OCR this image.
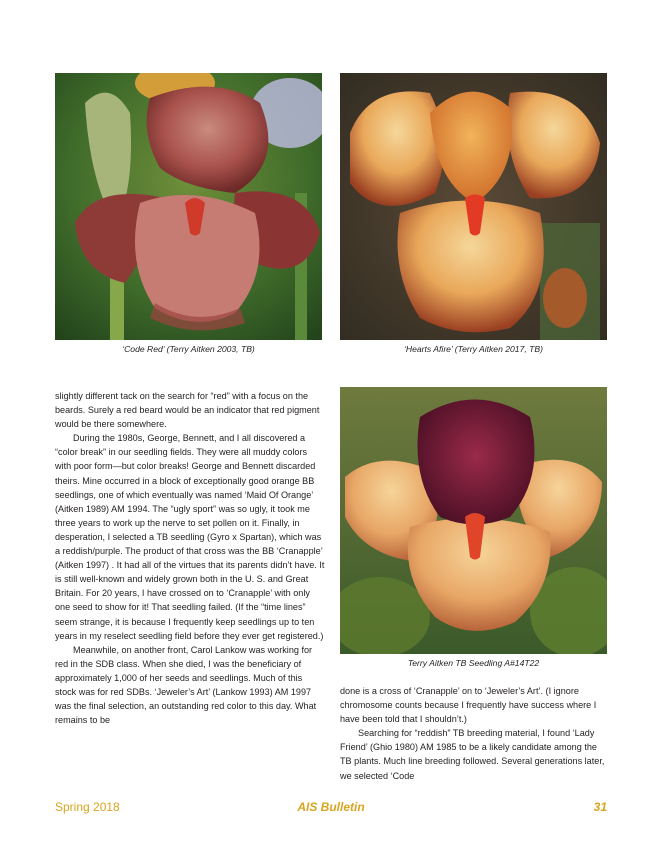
‘Code Red’ (Terry Aitken 2003, TB)	‘Hearts Afire’ (Terry Aitken 2017, TB)
Terry Aitken TB Seedling A#14T22

slightly different tack on the search for “red” with a focus on the beards. Surely a red beard would be an indicator that red pigment would be there somewhere.

During the 1980s, George, Bennett, and I all discovered a “color break” in our seedling fields. They were all muddy colors with poor form—but color breaks! George and Bennett discarded theirs. Mine occurred in a block of exceptionally good orange BB seedlings, one of which eventually was named ‘Maid Of Orange’ (Aitken 1989) AM 1994. The “ugly sport” was so ugly, it took me three years to work up the nerve to set pollen on it. Finally, in desperation, I selected a TB seedling (Gyro x Spartan), which was a reddish/purple. The product of that cross was the BB ‘Cranapple’ (Aitken 1997) . It had all of the virtues that its parents didn’t have. It is still well-known and widely grown both in the U. S. and Great Britain. For 20 years, I have crossed on to ‘Cranapple’ with only one seed to show for it! That seedling failed. (If the “time lines” seem strange, it is because I frequently keep seedlings up to ten years in my reselect seedling field before they ever get registered.)

Meanwhile, on another front, Carol Lankow was working for red in the SDB class. When she died, I was the beneficiary of approximately 1,000 of her seeds and seedlings. Much of this stock was for red SDBs. ‘Jeweler’s Art’ (Lankow 1993) AM 1997 was the final selection, an outstanding red color to this day. What remains to be

done is a cross of ‘Cranapple’ on to ‘Jeweler’s Art’. (I ignore chromosome counts because I frequently have success where I have been told that I shouldn’t.)

Searching for “reddish” TB breeding material, I found ‘Lady Friend’ (Ghio 1980) AM 1985 to be a likely candidate among the TB plants. Much line breeding followed. Several generations later, we selected ‘Code

Spring 2018	AIS Bulletin	31
